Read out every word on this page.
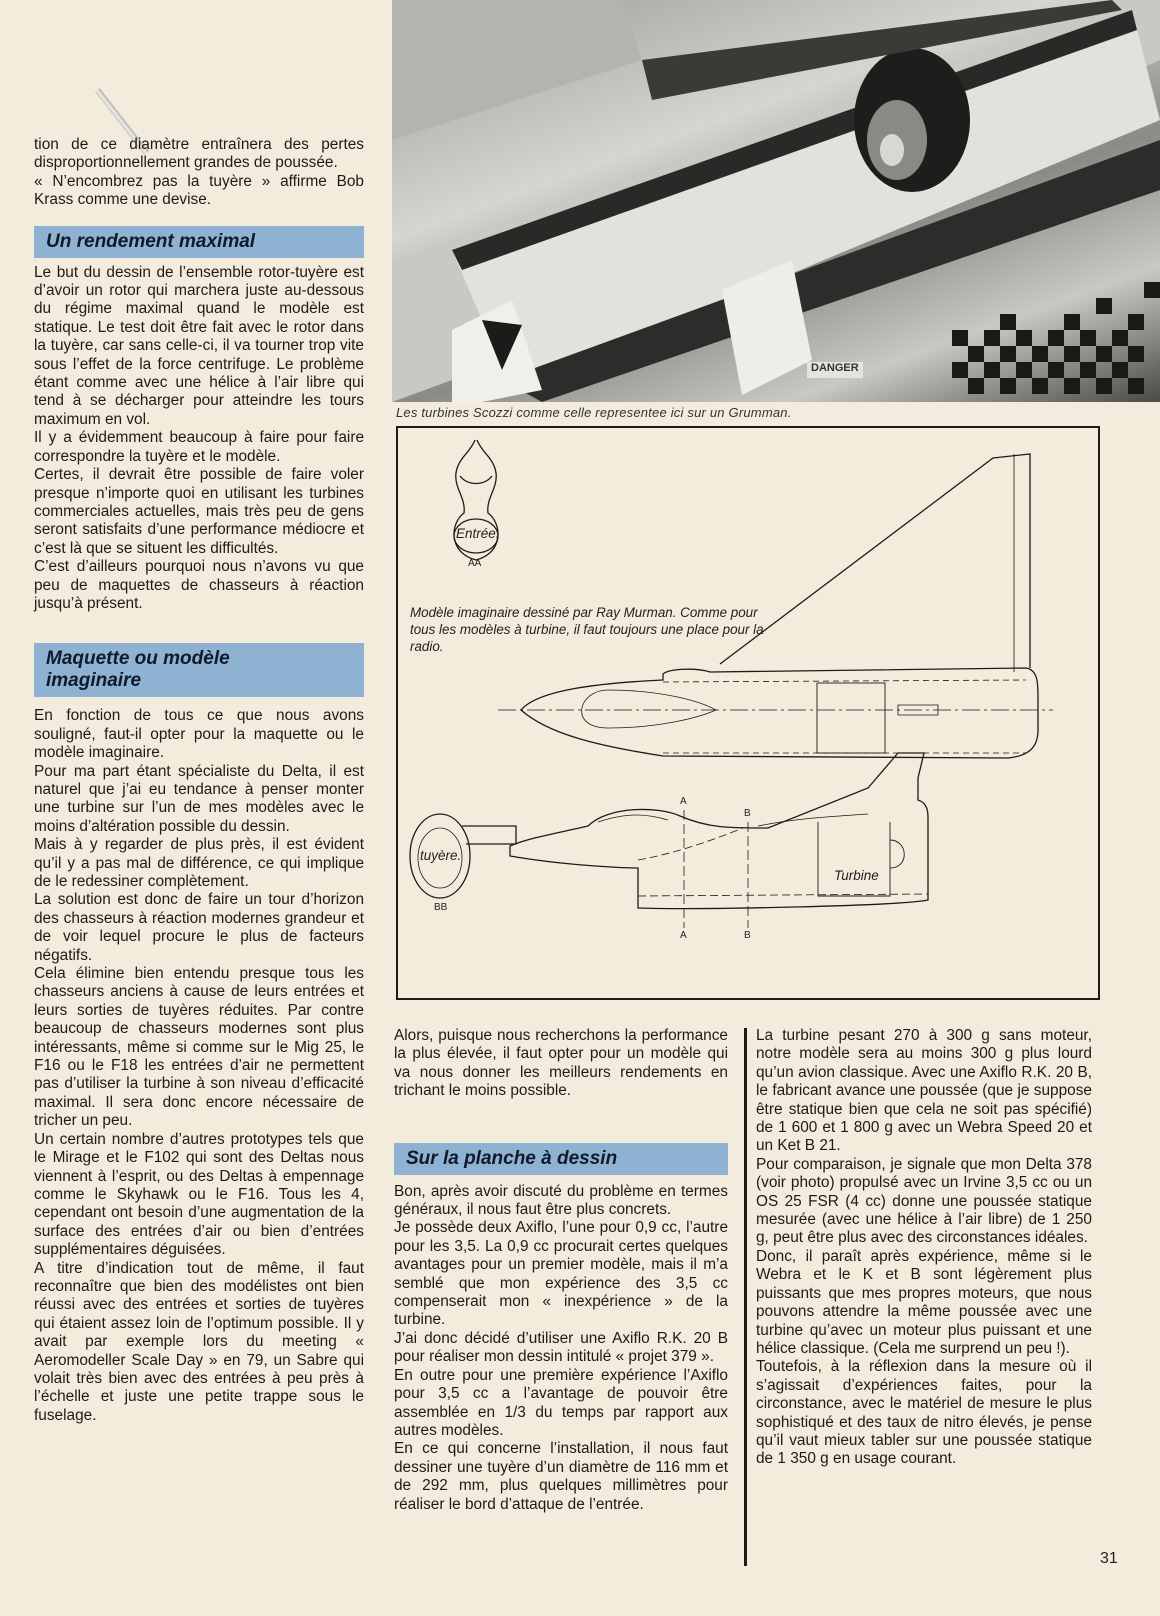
tion de ce diamètre entraînera des pertes disproportionnellement grandes de poussée.

« N’encombrez pas la tuyère » affirme Bob Krass comme une devise.

Un rendement maximal

Le but du dessin de l’ensemble rotor-tuyère est d’avoir un rotor qui marchera juste au-dessous du régime maximal quand le modèle est statique. Le test doit être fait avec le rotor dans la tuyère, car sans celle-ci, il va tourner trop vite sous l’effet de la force centrifuge. Le problème étant comme avec une hélice à l’air libre qui tend à se décharger pour atteindre les tours maximum en vol.

Il y a évidemment beaucoup à faire pour faire correspondre la tuyère et le modèle.

Certes, il devrait être possible de faire voler presque n’importe quoi en utilisant les turbines commerciales actuelles, mais très peu de gens seront satisfaits d’une performance médiocre et c’est là que se situent les difficultés.

C’est d’ailleurs pourquoi nous n’avons vu que peu de maquettes de chasseurs à réaction jusqu’à présent.

Maquette ou modèle imaginaire

En fonction de tous ce que nous avons souligné, faut-il opter pour la maquette ou le modèle imaginaire.

Pour ma part étant spécialiste du Delta, il est naturel que j’ai eu tendance à penser monter une turbine sur l’un de mes modèles avec le moins d’altération possible du dessin.

Mais à y regarder de plus près, il est évident qu’il y a pas mal de différence, ce qui implique de le redessiner complètement.

La solution est donc de faire un tour d’horizon des chasseurs à réaction modernes grandeur et de voir lequel procure le plus de facteurs négatifs.

Cela élimine bien entendu presque tous les chasseurs anciens à cause de leurs entrées et leurs sorties de tuyères réduites. Par contre beaucoup de chasseurs modernes sont plus intéressants, même si comme sur le Mig 25, le F16 ou le F18 les entrées d’air ne permettent pas d’utiliser la turbine à son niveau d’efficacité maximal. Il sera donc encore nécessaire de tricher un peu.

Un certain nombre d’autres prototypes tels que le Mirage et le F102 qui sont des Deltas nous viennent à l’esprit, ou des Deltas à empennage comme le Skyhawk ou le F16. Tous les 4, cependant ont besoin d’une augmentation de la surface des entrées d’air ou bien d’entrées supplémentaires déguisées.

A titre d’indication tout de même, il faut reconnaître que bien des modélistes ont bien réussi avec des entrées et sorties de tuyères qui étaient assez loin de l’optimum possible. Il y avait par exemple lors du meeting « Aeromodeller Scale Day » en 79, un Sabre qui volait très bien avec des entrées à peu près à l’échelle et juste une petite trappe sous le fuselage.

DANGER
Les turbines Scozzi comme celle representee ici sur un Grumman.
Modèle imaginaire dessiné par Ray Murman. Comme pour tous les modèles à turbine, il faut toujours une place pour la radio.
Entrée.
AA
tuyère.
BB
Turbine
A
A
B
B

Alors, puisque nous recherchons la performance la plus élevée, il faut opter pour un modèle qui va nous donner les meilleurs rendements en trichant le moins possible.

Sur la planche à dessin

Bon, après avoir discuté du problème en termes généraux, il nous faut être plus concrets.

Je possède deux Axiflo, l’une pour 0,9 cc, l’autre pour les 3,5. La 0,9 cc procurait certes quelques avantages pour un premier modèle, mais il m’a semblé que mon expérience des 3,5 cc compenserait mon « inexpérience » de la turbine.

J’ai donc décidé d’utiliser une Axiflo R.K. 20 B pour réaliser mon dessin intitulé « projet 379 ».

En outre pour une première expérience l’Axiflo pour 3,5 cc a l’avantage de pouvoir être assemblée en 1/3 du temps par rapport aux autres modèles.

En ce qui concerne l’installation, il nous faut dessiner une tuyère d’un diamètre de 116 mm et de 292 mm, plus quelques millimètres pour réaliser le bord d’attaque de l’entrée.

La turbine pesant 270 à 300 g sans moteur, notre modèle sera au moins 300 g plus lourd qu’un avion classique. Avec une Axiflo R.K. 20 B, le fabricant avance une poussée (que je suppose être statique bien que cela ne soit pas spécifié) de 1 600 et 1 800 g avec un Webra Speed 20 et un Ket B 21.

Pour comparaison, je signale que mon Delta 378 (voir photo) propulsé avec un Irvine 3,5 cc ou un OS 25 FSR (4 cc) donne une poussée statique mesurée (avec une hélice à l’air libre) de 1 250 g, peut être plus avec des circonstances idéales.

Donc, il paraît après expérience, même si le Webra et le K et B sont légèrement plus puissants que mes propres moteurs, que nous pouvons attendre la même poussée avec une turbine qu’avec un moteur plus puissant et une hélice classique. (Cela me surprend un peu !).

Toutefois, à la réflexion dans la mesure où il s’agissait d’expériences faites, pour la circonstance, avec le matériel de mesure le plus sophistiqué et des taux de nitro élevés, je pense qu’il vaut mieux tabler sur une poussée statique de 1 350 g en usage courant.

31
